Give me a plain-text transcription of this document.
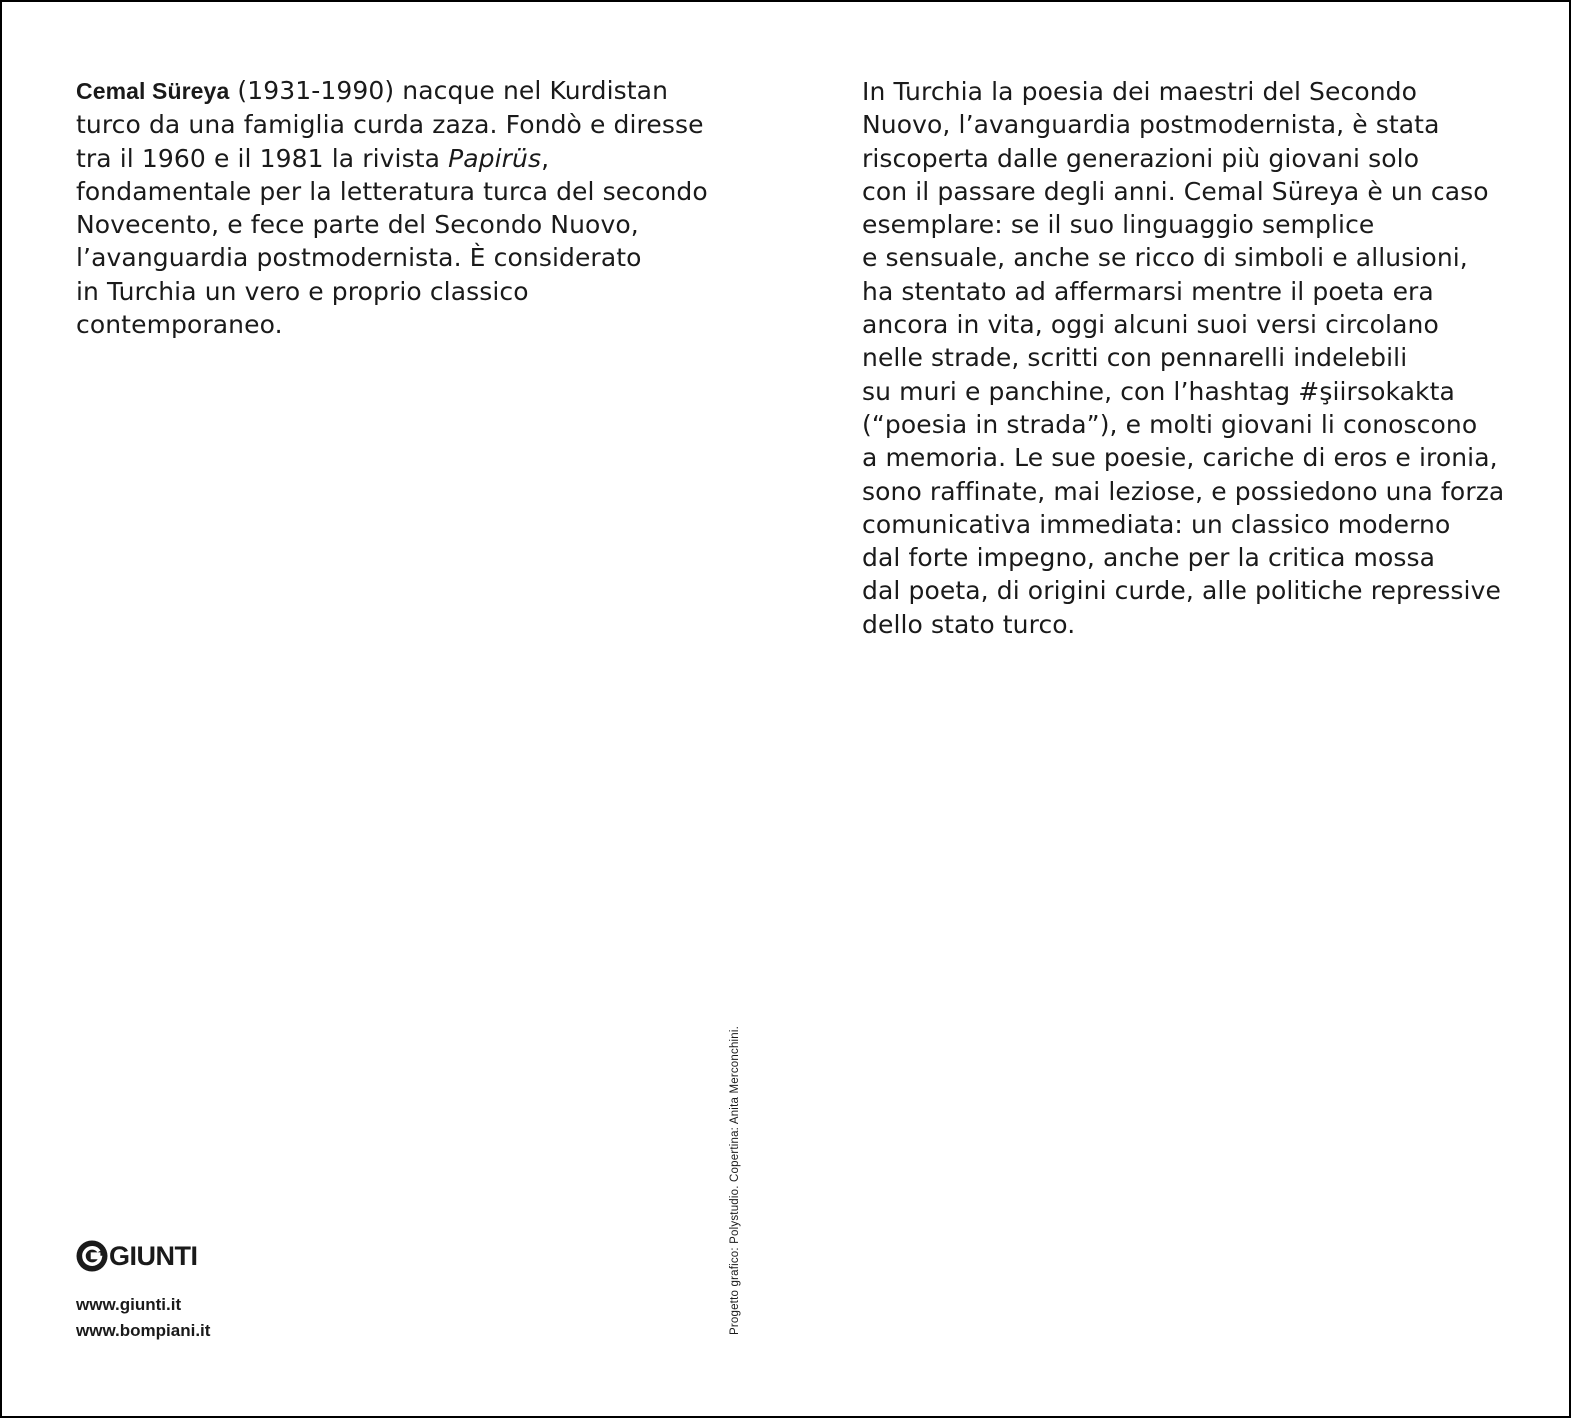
Cemal Süreya (1931-1990) nacque nel Kurdistan
turco da una famiglia curda zaza. Fondò e diresse
tra il 1960 e il 1981 la rivista Papirüs,
fondamentale per la letteratura turca del secondo
Novecento, e fece parte del Secondo Nuovo,
l’avanguardia postmodernista. È considerato
in Turchia un vero e proprio classico
contemporaneo.
In Turchia la poesia dei maestri del Secondo
Nuovo, l’avanguardia postmodernista, è stata
riscoperta dalle generazioni più giovani solo
con il passare degli anni. Cemal Süreya è un caso
esemplare: se il suo linguaggio semplice
e sensuale, anche se ricco di simboli e allusioni,
ha stentato ad affermarsi mentre il poeta era
ancora in vita, oggi alcuni suoi versi circolano
nelle strade, scritti con pennarelli indelebili
su muri e panchine, con l’hashtag #şiirsokakta
(“poesia in strada”), e molti giovani li conoscono
a memoria. Le sue poesie, cariche di eros e ironia,
sono raffinate, mai leziose, e possiedono una forza
comunicativa immediata: un classico moderno
dal forte impegno, anche per la critica mossa
dal poeta, di origini curde, alle politiche repressive
dello stato turco.
Progetto grafico: Polystudio. Copertina: Anita Merconchini.
GIUNTI
www.giunti.it
www.bompiani.it
